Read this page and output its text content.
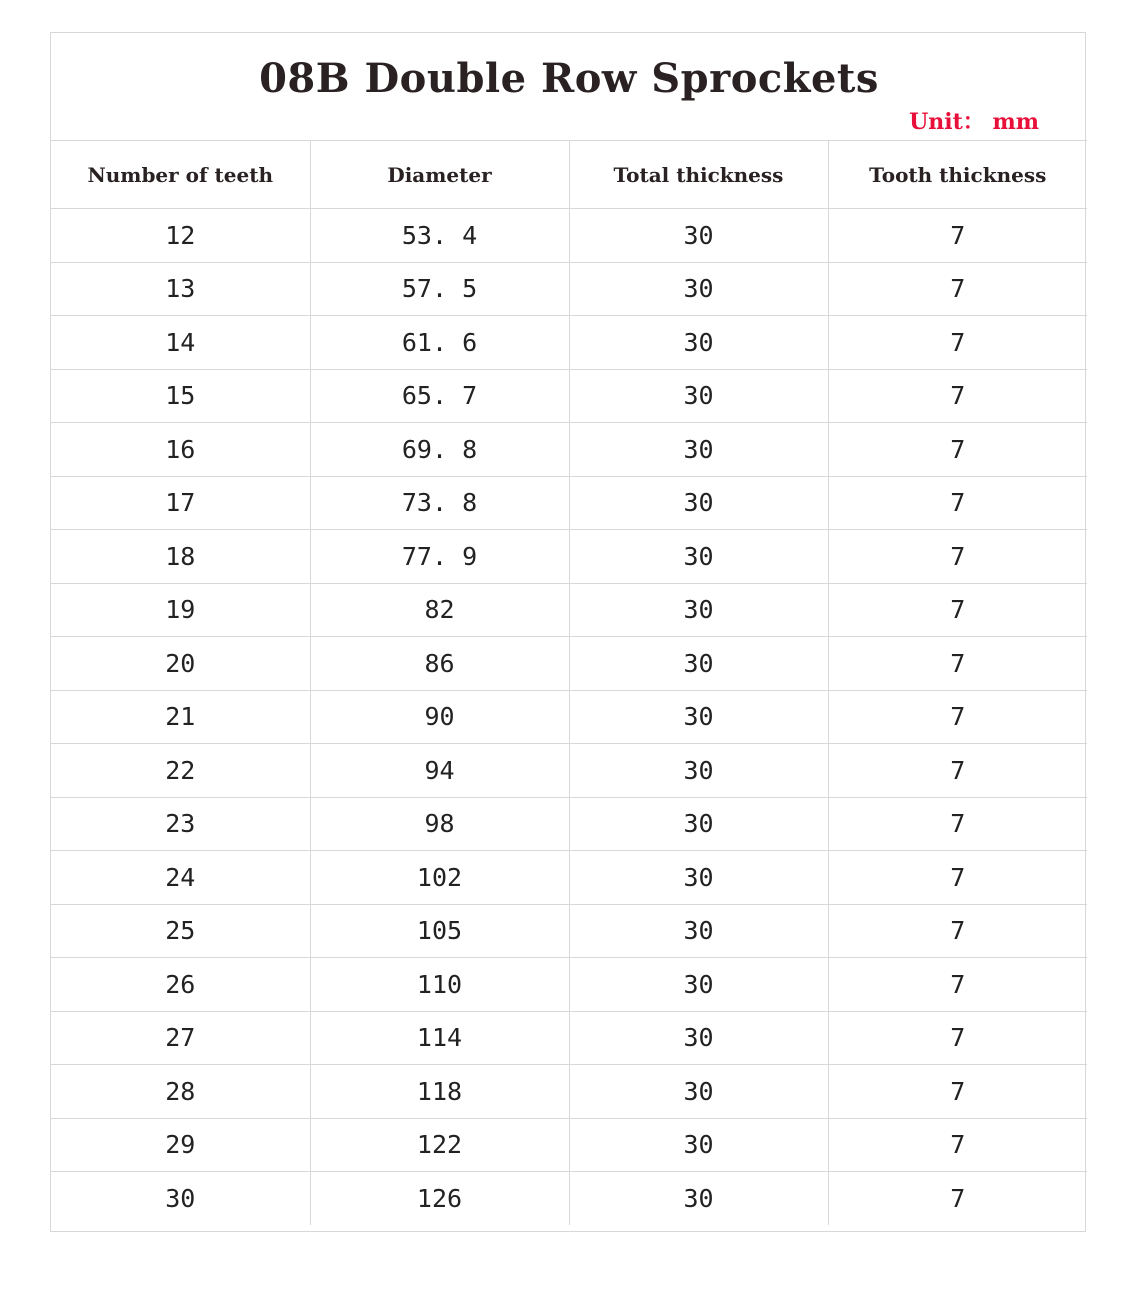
08B Double Row Sprockets
Unit： mm
Number of teeth	Diameter	Total thickness	Tooth thickness
12	53. 4	30	7
13	57. 5	30	7
14	61. 6	30	7
15	65. 7	30	7
16	69. 8	30	7
17	73. 8	30	7
18	77. 9	30	7
19	82	30	7
20	86	30	7
21	90	30	7
22	94	30	7
23	98	30	7
24	102	30	7
25	105	30	7
26	110	30	7
27	114	30	7
28	118	30	7
29	122	30	7
30	126	30	7
